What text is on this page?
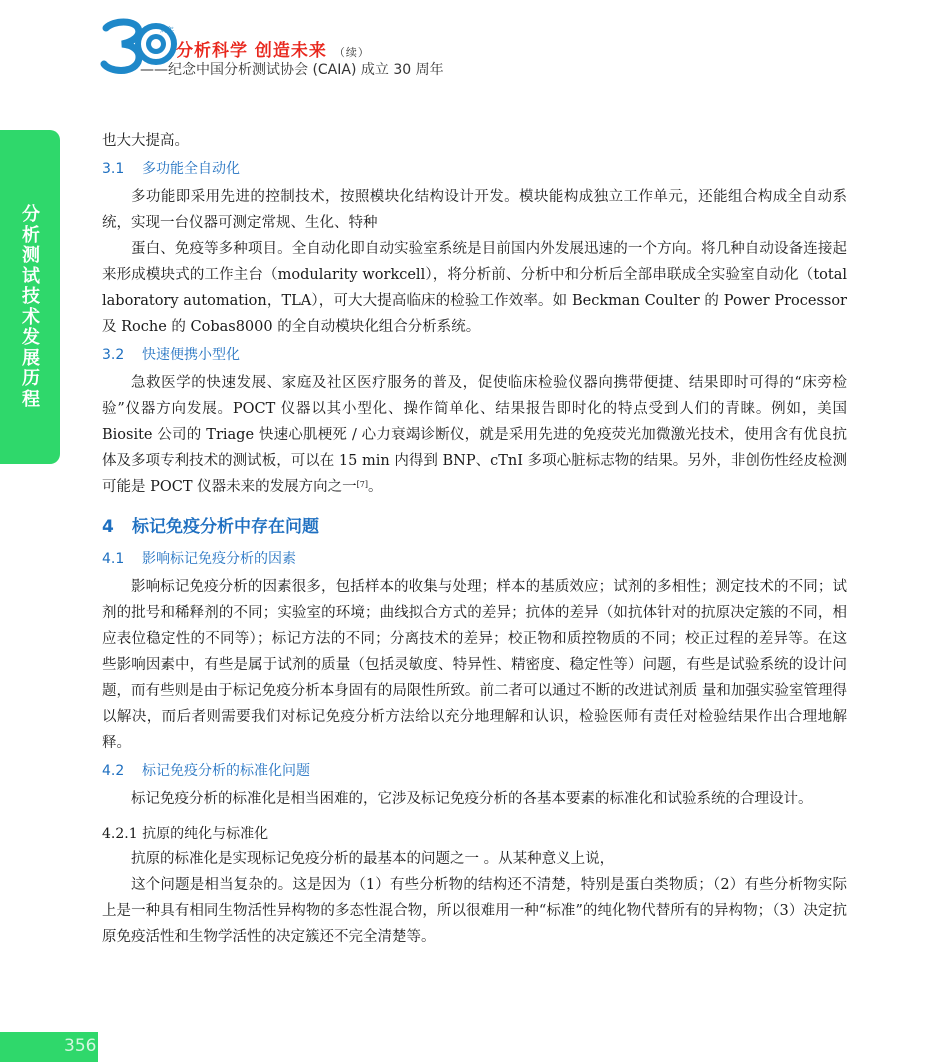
周年
分析科学 创造未来 （续）
——纪念中国分析测试协会 (CAIA) 成立 30 周年
分析测试技术发展历程
356

也大大提高。

3.1 多功能全自动化

多功能即采用先进的控制技术，按照模块化结构设计开发。模块能构成独立工作单元，还能组合构成全自动系统，实现一台仪器可测定常规、生化、特种

蛋白、免疫等多种项目。全自动化即自动实验室系统是目前国内外发展迅速的一个方向。将几种自动设备连接起来形成模块式的工作主台（modularity workcell），将分析前、分析中和分析后全部串联成全实验室自动化（total laboratory automation，TLA），可大大提高临床的检验工作效率。如 Beckman Coulter 的 Power Processor 及 Roche 的 Cobas8000 的全自动模块化组合分析系统。

3.2 快速便携小型化

急救医学的快速发展、家庭及社区医疗服务的普及，促使临床检验仪器向携带便捷、结果即时可得的“床旁检验”仪器方向发展。POCT 仪器以其小型化、操作简单化、结果报告即时化的特点受到人们的青睐。例如，美国 Biosite 公司的 Triage 快速心肌梗死 / 心力衰竭诊断仪，就是采用先进的免疫荧光加微激光技术，使用含有优良抗体及多项专利技术的测试板，可以在 15 min 内得到 BNP、cTnI 多项心脏标志物的结果。另外，非创伤性经皮检测可能是 POCT 仪器未来的发展方向之一[7]。

4 标记免疫分析中存在问题
4.1 影响标记免疫分析的因素

影响标记免疫分析的因素很多，包括样本的收集与处理；样本的基质效应；试剂的多相性；测定技术的不同；试剂的批号和稀释剂的不同；实验室的环境；曲线拟合方式的差异；抗体的差异（如抗体针对的抗原决定簇的不同，相应表位稳定性的不同等）；标记方法的不同；分离技术的差异；校正物和质控物质的不同；校正过程的差异等。在这些影响因素中，有些是属于试剂的质量（包括灵敏度、特异性、精密度、稳定性等）问题，有些是试验系统的设计问题，而有些则是由于标记免疫分析本身固有的局限性所致。前二者可以通过不断的改进试剂质 量和加强实验室管理得以解决，而后者则需要我们对标记免疫分析方法给以充分地理解和认识，检验医师有责任对检验结果作出合理地解释。

4.2 标记免疫分析的标准化问题

标记免疫分析的标准化是相当困难的，它涉及标记免疫分析的各基本要素的标准化和试验系统的合理设计。

4.2.1 抗原的纯化与标准化

抗原的标准化是实现标记免疫分析的最基本的问题之一 。从某种意义上说，

这个问题是相当复杂的。这是因为（1）有些分析物的结构还不清楚，特别是蛋白类物质；（2）有些分析物实际上是一种具有相同生物活性异构物的多态性混合物，所以很难用一种“标准”的纯化物代替所有的异构物；（3）决定抗原免疫活性和生物学活性的决定簇还不完全清楚等。
